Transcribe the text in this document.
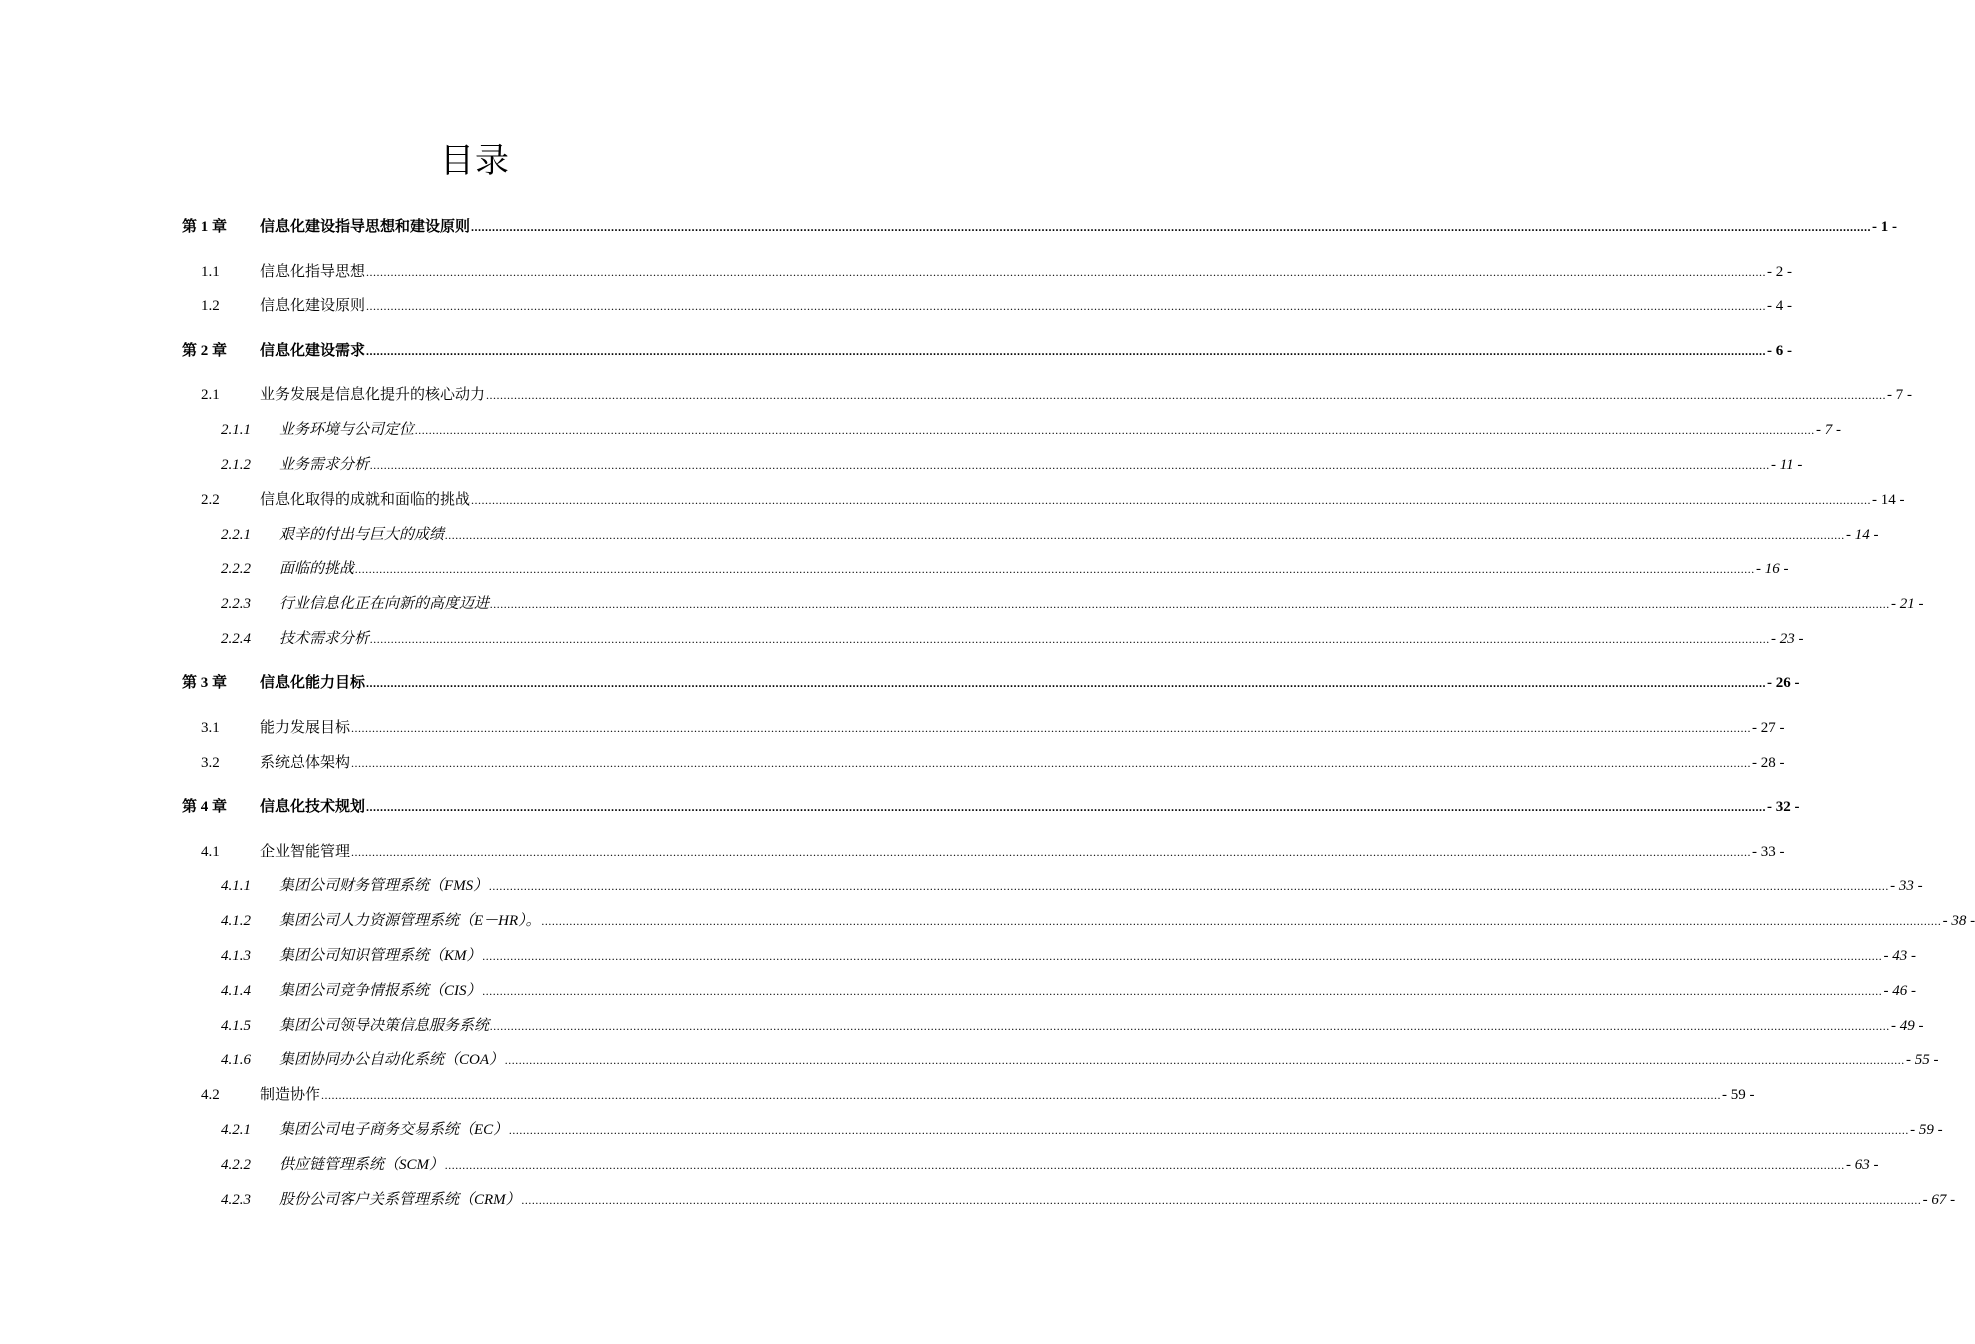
目录
第 1 章 信息化建设指导思想和建设原则 ................................................................................................................................................................................................................................................................................................................................................................................................................ - 1 -
1.1	信息化指导思想 ................................................................................................................................................................................................................................................................................................................................................................................................................ - 2 -
1.2	信息化建设原则 ................................................................................................................................................................................................................................................................................................................................................................................................................ - 4 -
第 2 章 信息化建设需求 ................................................................................................................................................................................................................................................................................................................................................................................................................ - 6 -
2.1	业务发展是信息化提升的核心动力 ................................................................................................................................................................................................................................................................................................................................................................................................................ - 7 -
2.1.1 业务环境与公司定位 ................................................................................................................................................................................................................................................................................................................................................................................................................ - 7 -
2.1.2 业务需求分析 ................................................................................................................................................................................................................................................................................................................................................................................................................ - 11 -
2.2	信息化取得的成就和面临的挑战 ................................................................................................................................................................................................................................................................................................................................................................................................................ - 14 -
2.2.1 艰辛的付出与巨大的成绩 ................................................................................................................................................................................................................................................................................................................................................................................................................ - 14 -
2.2.2 面临的挑战 ................................................................................................................................................................................................................................................................................................................................................................................................................ - 16 -
2.2.3 行业信息化正在向新的高度迈进 ................................................................................................................................................................................................................................................................................................................................................................................................................ - 21 -
2.2.4 技术需求分析 ................................................................................................................................................................................................................................................................................................................................................................................................................ - 23 -
第 3 章 信息化能力目标 ................................................................................................................................................................................................................................................................................................................................................................................................................ - 26 -
3.1	能力发展目标 ................................................................................................................................................................................................................................................................................................................................................................................................................ - 27 -
3.2	系统总体架构 ................................................................................................................................................................................................................................................................................................................................................................................................................ - 28 -
第 4 章 信息化技术规划 ................................................................................................................................................................................................................................................................................................................................................................................................................ - 32 -
4.1	企业智能管理 ................................................................................................................................................................................................................................................................................................................................................................................................................ - 33 -
4.1.1 集团公司财务管理系统（FMS） ................................................................................................................................................................................................................................................................................................................................................................................................................ - 33 -
4.1.2 集团公司人力资源管理系统（E－HR）。 ................................................................................................................................................................................................................................................................................................................................................................................................................ - 38 -
4.1.3 集团公司知识管理系统（KM） ................................................................................................................................................................................................................................................................................................................................................................................................................ - 43 -
4.1.4 集团公司竞争情报系统（CIS） ................................................................................................................................................................................................................................................................................................................................................................................................................ - 46 -
4.1.5 集团公司领导决策信息服务系统 ................................................................................................................................................................................................................................................................................................................................................................................................................ - 49 -
4.1.6 集团协同办公自动化系统（COA） ................................................................................................................................................................................................................................................................................................................................................................................................................ - 55 -
4.2	制造协作 ................................................................................................................................................................................................................................................................................................................................................................................................................ - 59 -
4.2.1 集团公司电子商务交易系统（EC） ................................................................................................................................................................................................................................................................................................................................................................................................................ - 59 -
4.2.2 供应链管理系统（SCM） ................................................................................................................................................................................................................................................................................................................................................................................................................ - 63 -
4.2.3 股份公司客户关系管理系统（CRM） ................................................................................................................................................................................................................................................................................................................................................................................................................ - 67 -
